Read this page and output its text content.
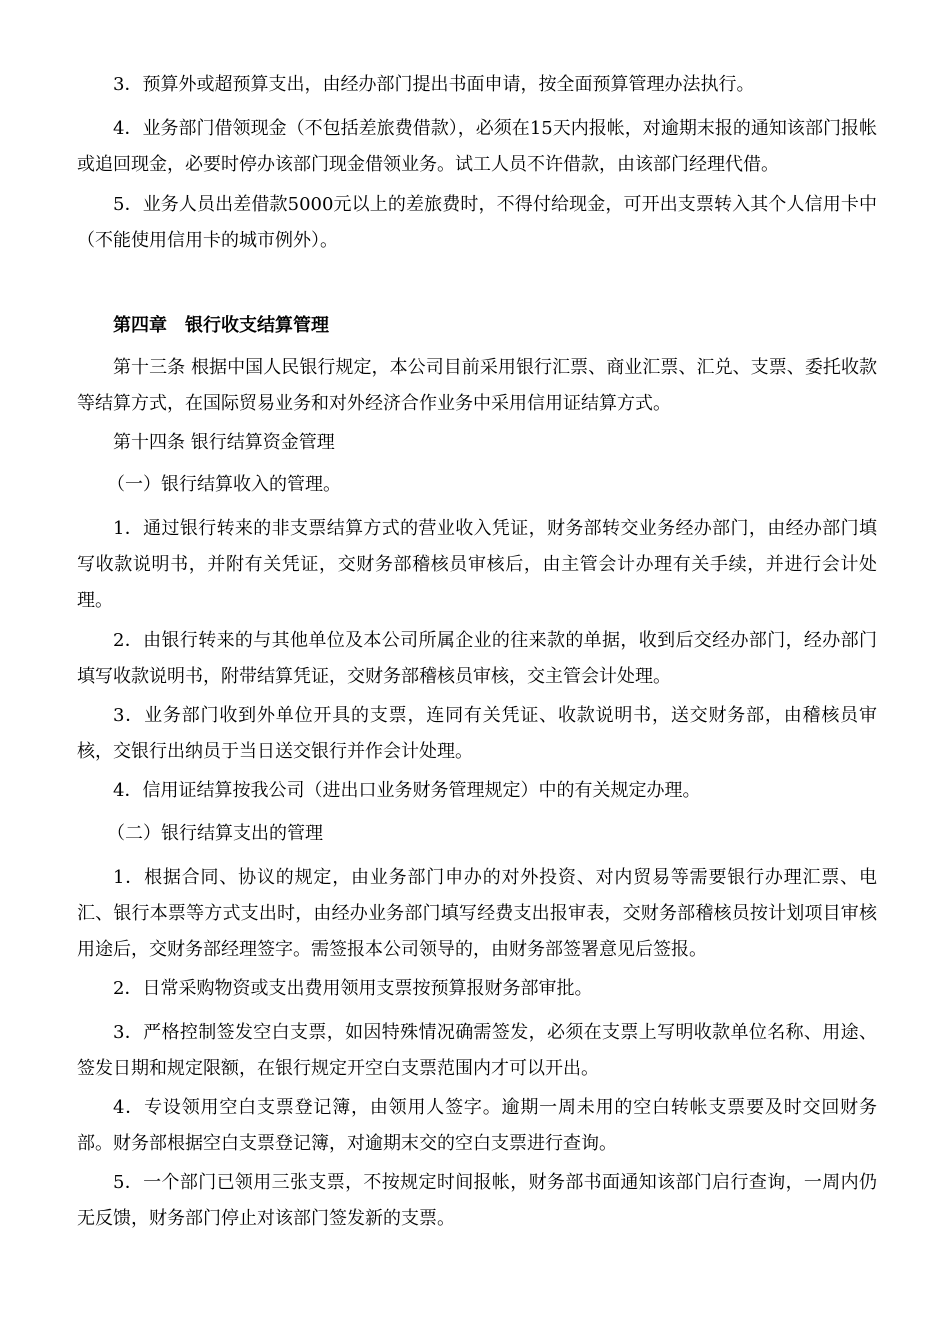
3．预算外或超预算支出，由经办部门提出书面申请，按全面预算管理办法执行。

4．业务部门借领现金（不包括差旅费借款），必须在15天内报帐，对逾期末报的通知该部门报帐或追回现金，必要时停办该部门现金借领业务。试工人员不许借款，由该部门经理代借。

5．业务人员出差借款5000元以上的差旅费时，不得付给现金，可开出支票转入其个人信用卡中（不能使用信用卡的城市例外）。

第四章　银行收支结算管理

第十三条 根据中国人民银行规定，本公司目前采用银行汇票、商业汇票、汇兑、支票、委托收款等结算方式，在国际贸易业务和对外经济合作业务中采用信用证结算方式。

第十四条 银行结算资金管理

（一）银行结算收入的管理。

1．通过银行转来的非支票结算方式的营业收入凭证，财务部转交业务经办部门，由经办部门填写收款说明书，并附有关凭证，交财务部稽核员审核后，由主管会计办理有关手续，并进行会计处理。

2．由银行转来的与其他单位及本公司所属企业的往来款的单据，收到后交经办部门，经办部门填写收款说明书，附带结算凭证，交财务部稽核员审核，交主管会计处理。

3．业务部门收到外单位开具的支票，连同有关凭证、收款说明书，送交财务部，由稽核员审核，交银行出纳员于当日送交银行并作会计处理。

4．信用证结算按我公司（进出口业务财务管理规定）中的有关规定办理。

（二）银行结算支出的管理

1．根据合同、协议的规定，由业务部门申办的对外投资、对内贸易等需要银行办理汇票、电汇、银行本票等方式支出时，由经办业务部门填写经费支出报审表，交财务部稽核员按计划项目审核用途后，交财务部经理签字。需签报本公司领导的，由财务部签署意见后签报。

2．日常采购物资或支出费用领用支票按预算报财务部审批。

3．严格控制签发空白支票，如因特殊情况确需签发，必须在支票上写明收款单位名称、用途、签发日期和规定限额，在银行规定开空白支票范围内才可以开出。

4．专设领用空白支票登记簿，由领用人签字。逾期一周未用的空白转帐支票要及时交回财务部。财务部根据空白支票登记簿，对逾期末交的空白支票进行查询。

5．一个部门已领用三张支票，不按规定时间报帐，财务部书面通知该部门启行查询，一周内仍无反馈，财务部门停止对该部门签发新的支票。
